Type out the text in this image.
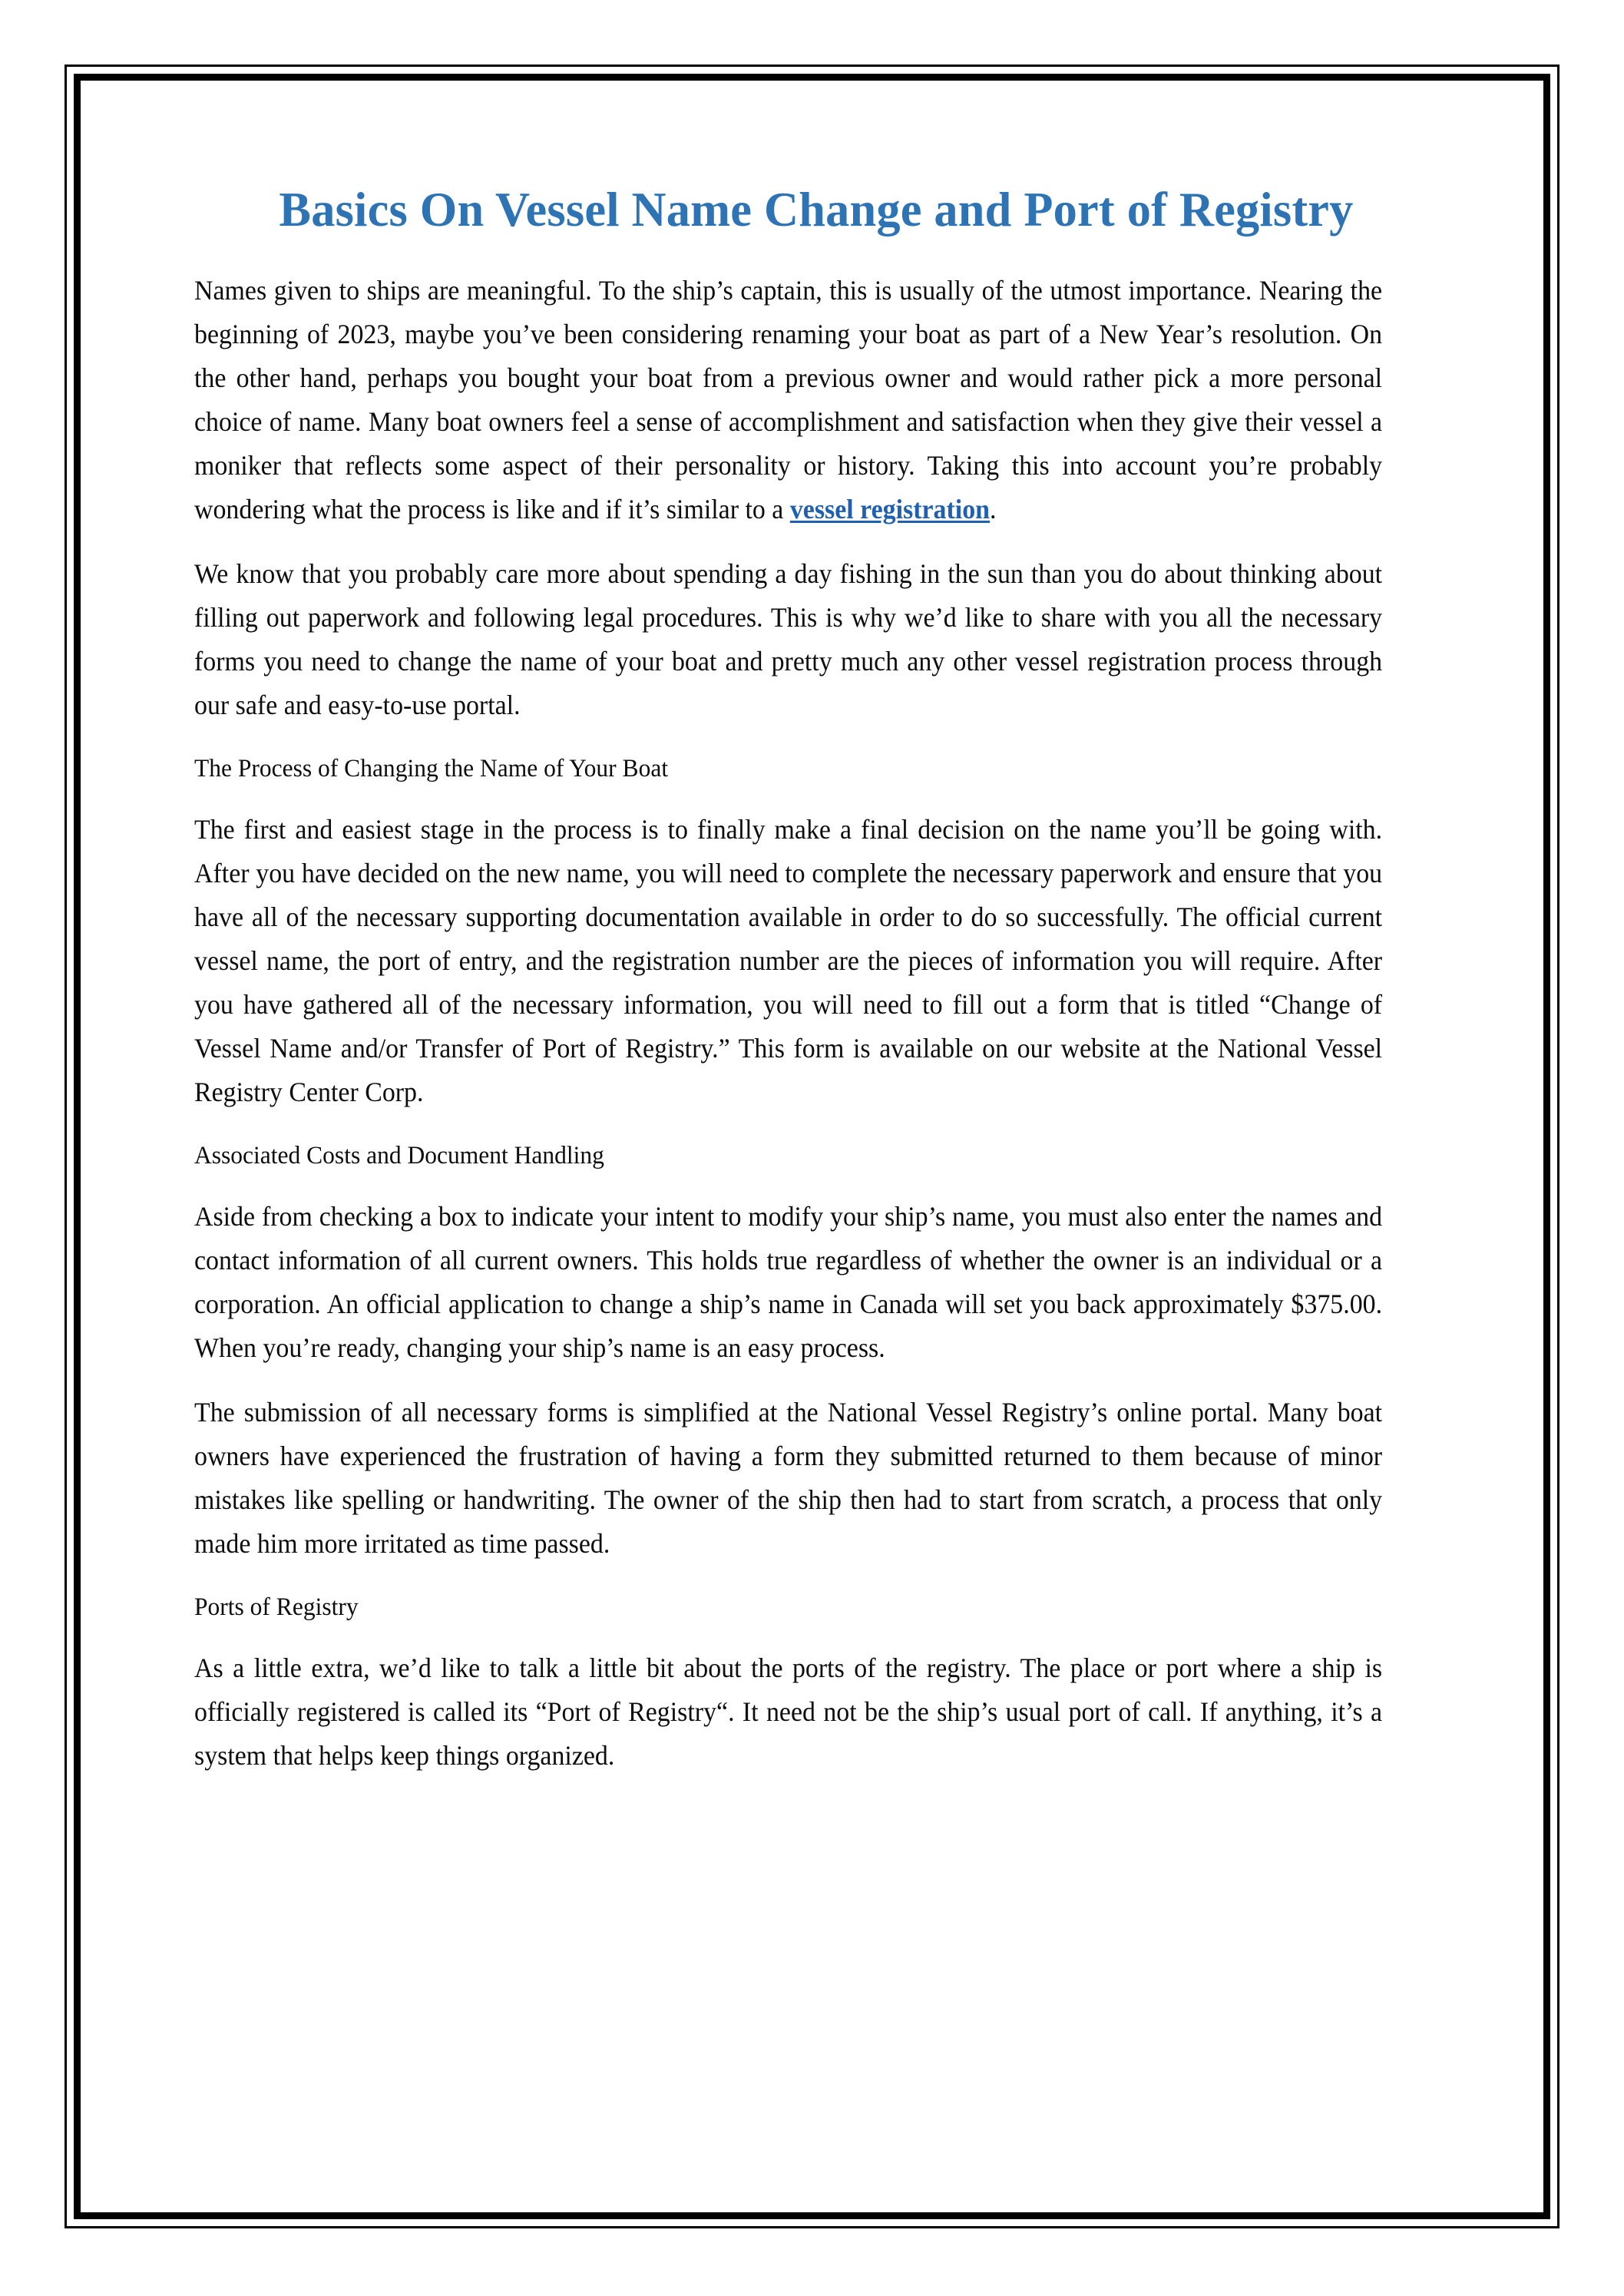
Basics On Vessel Name Change and Port of Registry

Names given to ships are meaningful. To the ship’s captain, this is usually of the utmost importance. Nearing the beginning of 2023, maybe you’ve been considering renaming your boat as part of a New Year’s resolution. On the other hand, perhaps you bought your boat from a previous owner and would rather pick a more personal choice of name. Many boat owners feel a sense of accomplishment and satisfaction when they give their vessel a moniker that reflects some aspect of their personality or history. Taking this into account you’re probably wondering what the process is like and if it’s similar to a vessel registration.

We know that you probably care more about spending a day fishing in the sun than you do about thinking about filling out paperwork and following legal procedures. This is why we’d like to share with you all the necessary forms you need to change the name of your boat and pretty much any other vessel registration process through our safe and easy-to-use portal.

The Process of Changing the Name of Your Boat

The first and easiest stage in the process is to finally make a final decision on the name you’ll be going with. After you have decided on the new name, you will need to complete the necessary paperwork and ensure that you have all of the necessary supporting documentation available in order to do so successfully. The official current vessel name, the port of entry, and the registration number are the pieces of information you will require. After you have gathered all of the necessary information, you will need to fill out a form that is titled “Change of Vessel Name and/or Transfer of Port of Registry.” This form is available on our website at the National Vessel Registry Center Corp.

Associated Costs and Document Handling

Aside from checking a box to indicate your intent to modify your ship’s name, you must also enter the names and contact information of all current owners. This holds true regardless of whether the owner is an individual or a corporation. An official application to change a ship’s name in Canada will set you back approximately $375.00. When you’re ready, changing your ship’s name is an easy process.

The submission of all necessary forms is simplified at the National Vessel Registry’s online portal. Many boat owners have experienced the frustration of having a form they submitted returned to them because of minor mistakes like spelling or handwriting. The owner of the ship then had to start from scratch, a process that only made him more irritated as time passed.

Ports of Registry

As a little extra, we’d like to talk a little bit about the ports of the registry. The place or port where a ship is officially registered is called its “Port of Registry“. It need not be the ship’s usual port of call. If anything, it’s a system that helps keep things organized.
